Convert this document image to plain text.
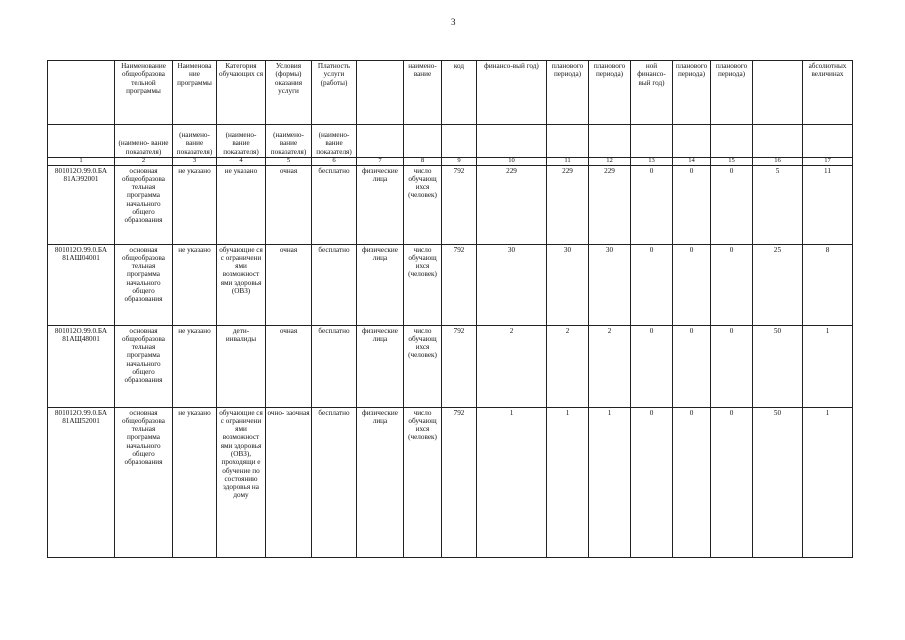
3
	Наименование общеобразова тельной программы	Наименова ние программы	Категория обучающих ся	Условия (формы) оказания услуги	Платность услуги (работы)		наимено- вание	код	финансо-вый год)	планового периода)	планового периода)	ной финансо- вый год)	планового периода)	планового периода)		абсолютных величинах
	(наимено- вание показателя)	(наимено- вание показателя)	(наимено- вание показателя)	(наимено- вание показателя)	(наимено- вание показателя)											
1	2	3	4	5	6	7	8	9	10	11	12	13	14	15	16	17
801012О.99.0.БА 81АЭ92001	основная общеобразова тельная программа начального общего образования	не указано	не указано	очная	бесплатно	физические лица	число обучающ ихся (человек)	792	229	229	229	0	0	0	5	11
801012О.99.0.БА 81АШ04001	основная общеобразова тельная программа начального общего образования	не указано	обучающие ся с ограничени ями возможност ями здоровья (ОВЗ)	очная	бесплатно	физические лица	число обучающ ихся (человек)	792	30	30	30	0	0	0	25	8
801012О.99.0.БА 81АЩ48001	основная общеобразова тельная программа начального общего образования	не указано	дети- инвалиды	очная	бесплатно	физические лица	число обучающ ихся (человек)	792	2	2	2	0	0	0	50	1
801012О.99.0.БА 81АШ52001	основная общеобразова тельная программа начального общего образования	не указано	обучающие ся с ограничени ями возможност ями здоровья (ОВЗ), проходящи е обучение по состоянию здоровья на дому	очно- заочная	бесплатно	физические лица	число обучающ ихся (человек)	792	1	1	1	0	0	0	50	1
